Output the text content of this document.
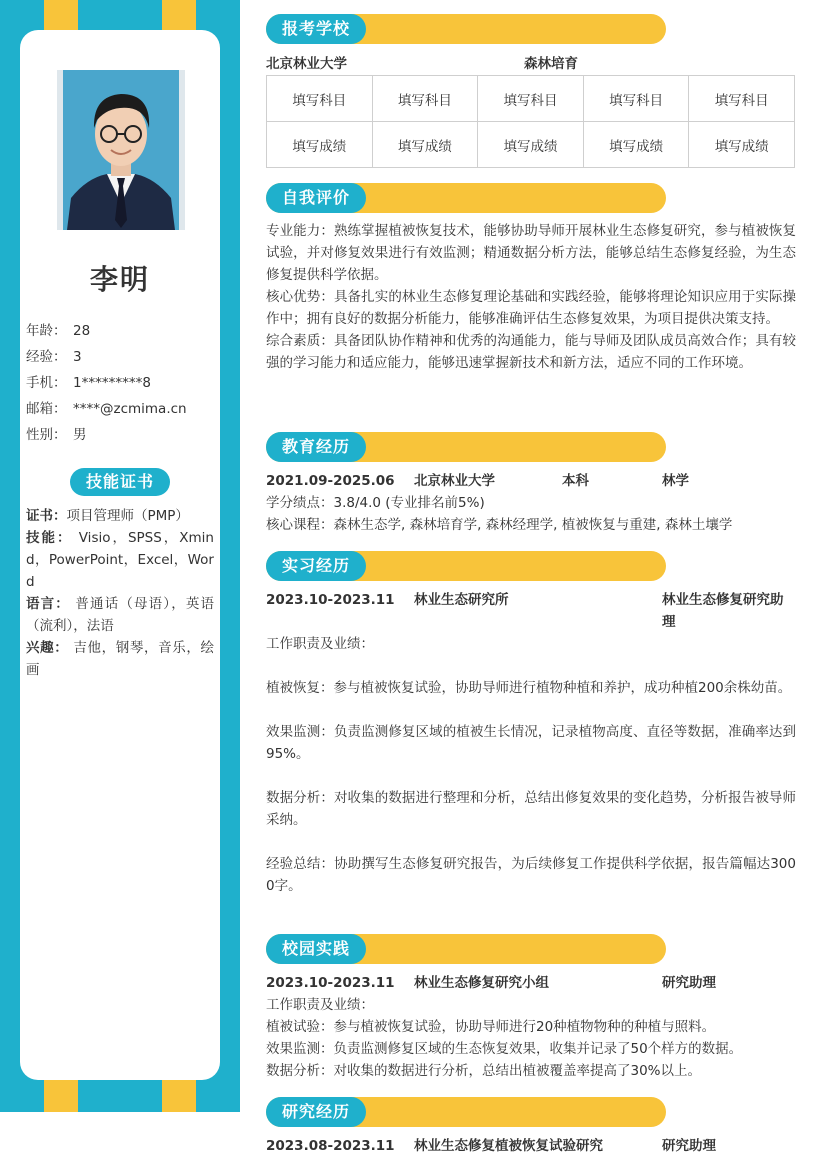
李明
年龄： 28
经验： 3
手机： 1*********8
邮箱： ****@zcmima.cn
性别： 男
技能证书

证书：项目管理师（PMP）

技能： Visio，SPSS，Xmind，PowerPoint，Excel，Word

语言： 普通话（母语），英语（流利），法语

兴趣： 吉他，钢琴，音乐，绘画

报考学校
北京林业大学	森林培育
填写科目	填写科目	填写科目	填写科目	填写科目
填写成绩	填写成绩	填写成绩	填写成绩	填写成绩
自我评价

专业能力：熟练掌握植被恢复技术，能够协助导师开展林业生态修复研究，参与植被恢复试验，并对修复效果进行有效监测；精通数据分析方法，能够总结生态修复经验，为生态修复提供科学依据。

核心优势：具备扎实的林业生态修复理论基础和实践经验，能够将理论知识应用于实际操作中；拥有良好的数据分析能力，能够准确评估生态修复效果，为项目提供决策支持。

综合素质：具备团队协作精神和优秀的沟通能力，能与导师及团队成员高效合作；具有较强的学习能力和适应能力，能够迅速掌握新技术和新方法，适应不同的工作环境。

教育经历
2021.09-2025.06 北京林业大学	本科	林学

学分绩点：3.8/4.0 (专业排名前5%)

核心课程：森林生态学, 森林培育学, 森林经理学, 植被恢复与重建, 森林土壤学

实习经历
2023.10-2023.11 林业生态研究所	林业生态修复研究助理

工作职责及业绩：

植被恢复：参与植被恢复试验，协助导师进行植物种植和养护，成功种植200余株幼苗。

效果监测：负责监测修复区域的植被生长情况，记录植物高度、直径等数据，准确率达到95%。

数据分析：对收集的数据进行整理和分析，总结出修复效果的变化趋势，分析报告被导师采纳。

经验总结：协助撰写生态修复研究报告，为后续修复工作提供科学依据，报告篇幅达3000字。

校园实践
2023.10-2023.11 林业生态修复研究小组	研究助理

工作职责及业绩：

植被试验：参与植被恢复试验，协助导师进行20种植物物种的种植与照料。

效果监测：负责监测修复区域的生态恢复效果，收集并记录了50个样方的数据。

数据分析：对收集的数据进行分析，总结出植被覆盖率提高了30%以上。

研究经历
2023.08-2023.11 林业生态修复植被恢复试验研究	研究助理
